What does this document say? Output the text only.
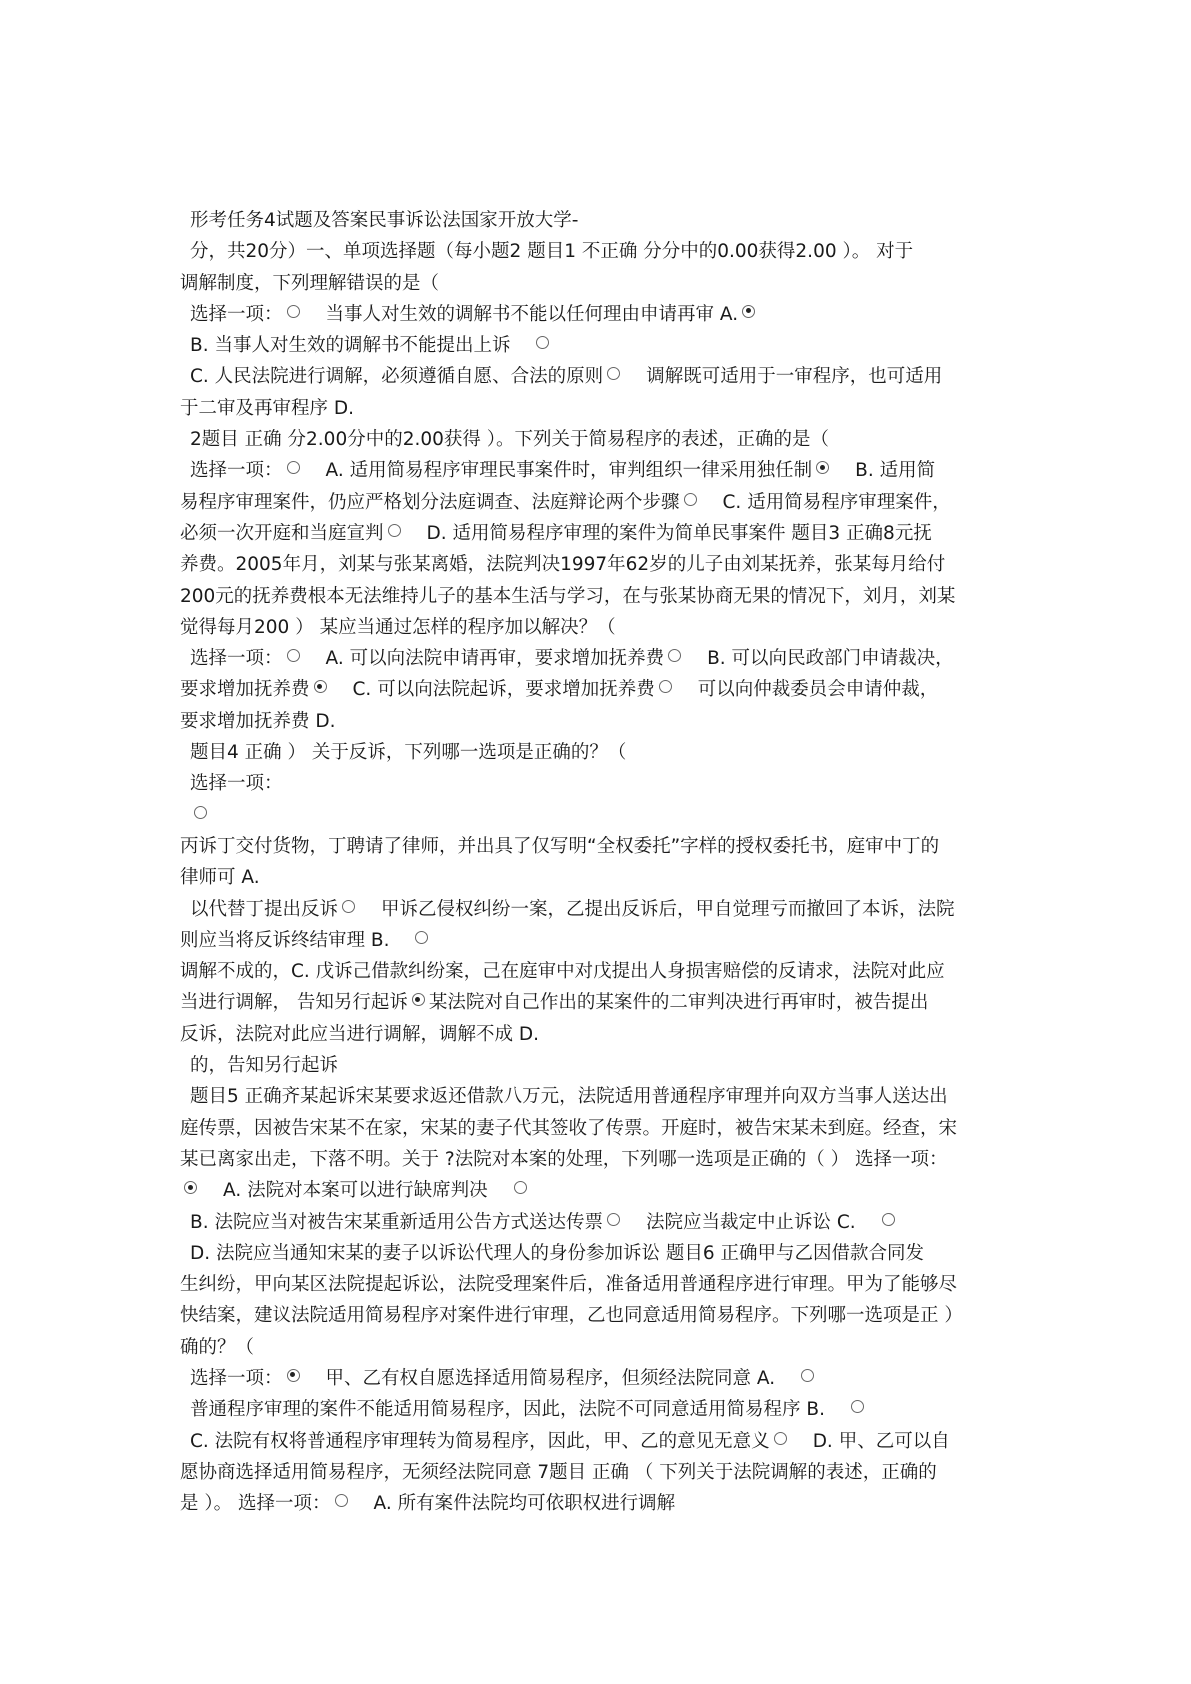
形考任务4试题及答案民事诉讼法国家开放大学-
分，共20分）一、单项选择题（每小题2 题目1 不正确 分分中的0.00获得2.00 ）。 对于
调解制度，下列理解错误的是（
选择一项： 当事人对生效的调解书不能以任何理由申请再审 A.
B. 当事人对生效的调解书不能提出上诉
C. 人民法院进行调解，必须遵循自愿、合法的原则 调解既可适用于一审程序，也可适用
于二审及再审程序 D.
2题目 正确 分2.00分中的2.00获得 ）。下列关于简易程序的表述，正确的是（
选择一项： A. 适用简易程序审理民事案件时，审判组织一律采用独任制 B. 适用简
易程序审理案件，仍应严格划分法庭调查、法庭辩论两个步骤 C. 适用简易程序审理案件，
必须一次开庭和当庭宣判 D. 适用简易程序审理的案件为简单民事案件 题目3 正确8元抚
养费。2005年月，刘某与张某离婚，法院判决1997年62岁的儿子由刘某抚养，张某每月给付
200元的抚养费根本无法维持儿子的基本生活与学习，在与张某协商无果的情况下，刘月，刘某
觉得每月200 ） 某应当通过怎样的程序加以解决？（
选择一项： A. 可以向法院申请再审，要求增加抚养费 B. 可以向民政部门申请裁决，
要求增加抚养费 C. 可以向法院起诉，要求增加抚养费 可以向仲裁委员会申请仲裁，
要求增加抚养费 D.
题目4 正确 ） 关于反诉，下列哪一选项是正确的？（
选择一项：
丙诉丁交付货物，丁聘请了律师，并出具了仅写明“全权委托”字样的授权委托书，庭审中丁的
律师可 A.
以代替丁提出反诉 甲诉乙侵权纠纷一案，乙提出反诉后，甲自觉理亏而撤回了本诉，法院
则应当将反诉终结审理 B.
调解不成的，C. 戊诉己借款纠纷案，己在庭审中对戊提出人身损害赔偿的反请求，法院对此应
当进行调解， 告知另行起诉 某法院对自己作出的某案件的二审判决进行再审时，被告提出
反诉，法院对此应当进行调解，调解不成 D.
的，告知另行起诉
题目5 正确齐某起诉宋某要求返还借款八万元，法院适用普通程序审理并向双方当事人送达出
庭传票，因被告宋某不在家，宋某的妻子代其签收了传票。开庭时，被告宋某未到庭。经查，宋
某已离家出走，下落不明。关于 ?法院对本案的处理，下列哪一选项是正确的（ ） 选择一项：
A. 法院对本案可以进行缺席判决
B. 法院应当对被告宋某重新适用公告方式送达传票 法院应当裁定中止诉讼 C.
D. 法院应当通知宋某的妻子以诉讼代理人的身份参加诉讼 题目6 正确甲与乙因借款合同发
生纠纷，甲向某区法院提起诉讼，法院受理案件后，准备适用普通程序进行审理。甲为了能够尽
快结案，建议法院适用简易程序对案件进行审理，乙也同意适用简易程序。下列哪一选项是正 ）
确的？（
选择一项： 甲、乙有权自愿选择适用简易程序，但须经法院同意 A.
普通程序审理的案件不能适用简易程序，因此，法院不可同意适用简易程序 B.
C. 法院有权将普通程序审理转为简易程序，因此，甲、乙的意见无意义 D. 甲、乙可以自
愿协商选择适用简易程序，无须经法院同意 7题目 正确 （ 下列关于法院调解的表述，正确的
是 ）。 选择一项： A. 所有案件法院均可依职权进行调解
